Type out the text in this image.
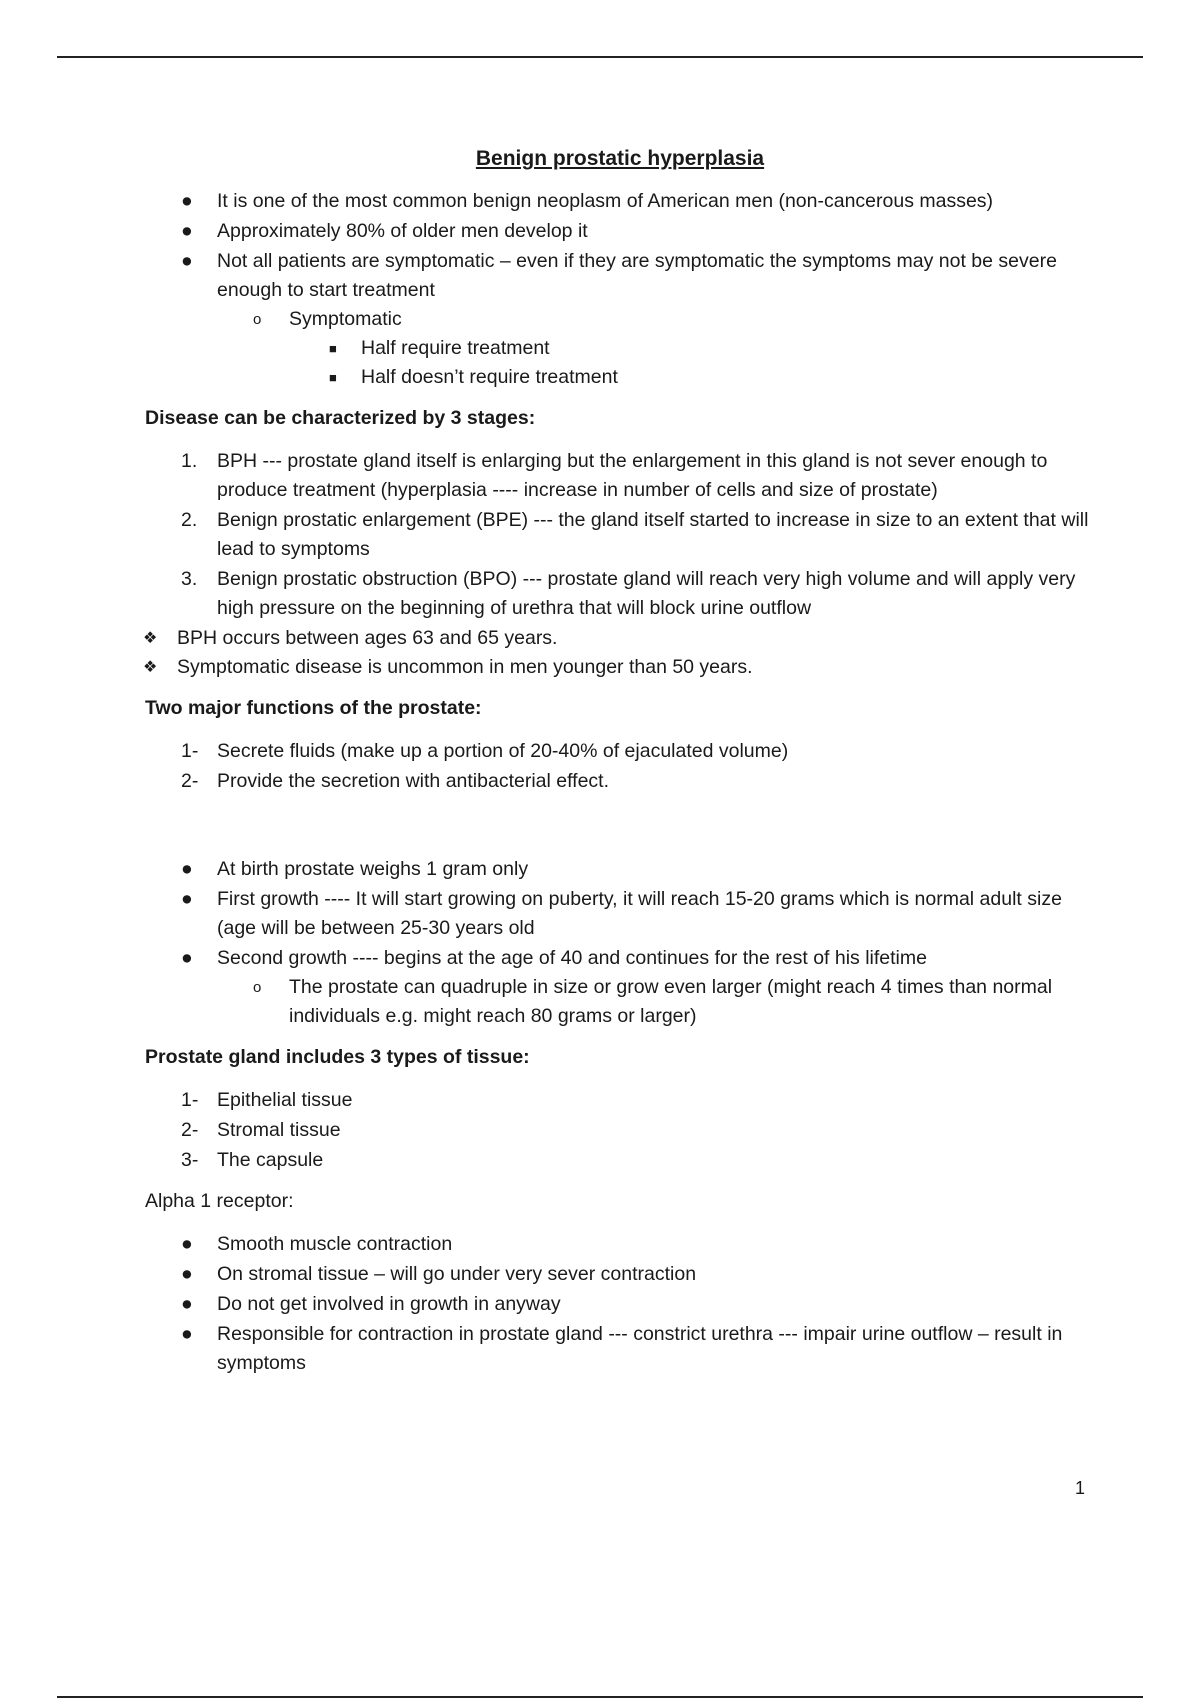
Benign prostatic hyperplasia
● It is one of the most common benign neoplasm of American men (non-cancerous masses)
● Approximately 80% of older men develop it
● Not all patients are symptomatic – even if they are symptomatic the symptoms may not be severe enough to start treatment
o Symptomatic
■ Half require treatment
■ Half doesn’t require treatment
Disease can be characterized by 3 stages:
1. BPH --- prostate gland itself is enlarging but the enlargement in this gland is not sever enough to produce treatment (hyperplasia ---- increase in number of cells and size of prostate)
2. Benign prostatic enlargement (BPE) --- the gland itself started to increase in size to an extent that will lead to symptoms
3. Benign prostatic obstruction (BPO) --- prostate gland will reach very high volume and will apply very high pressure on the beginning of urethra that will block urine outflow
❖ BPH occurs between ages 63 and 65 years.
❖ Symptomatic disease is uncommon in men younger than 50 years.
Two major functions of the prostate:
1- Secrete fluids (make up a portion of 20-40% of ejaculated volume)
2- Provide the secretion with antibacterial effect.
● At birth prostate weighs 1 gram only
● First growth ---- It will start growing on puberty, it will reach 15-20 grams which is normal adult size (age will be between 25-30 years old
● Second growth ---- begins at the age of 40 and continues for the rest of his lifetime
o The prostate can quadruple in size or grow even larger (might reach 4 times than normal individuals e.g. might reach 80 grams or larger)
Prostate gland includes 3 types of tissue:
1- Epithelial tissue
2- Stromal tissue
3- The capsule
Alpha 1 receptor:
● Smooth muscle contraction
● On stromal tissue – will go under very sever contraction
● Do not get involved in growth in anyway
● Responsible for contraction in prostate gland --- constrict urethra --- impair urine outflow – result in symptoms
1
